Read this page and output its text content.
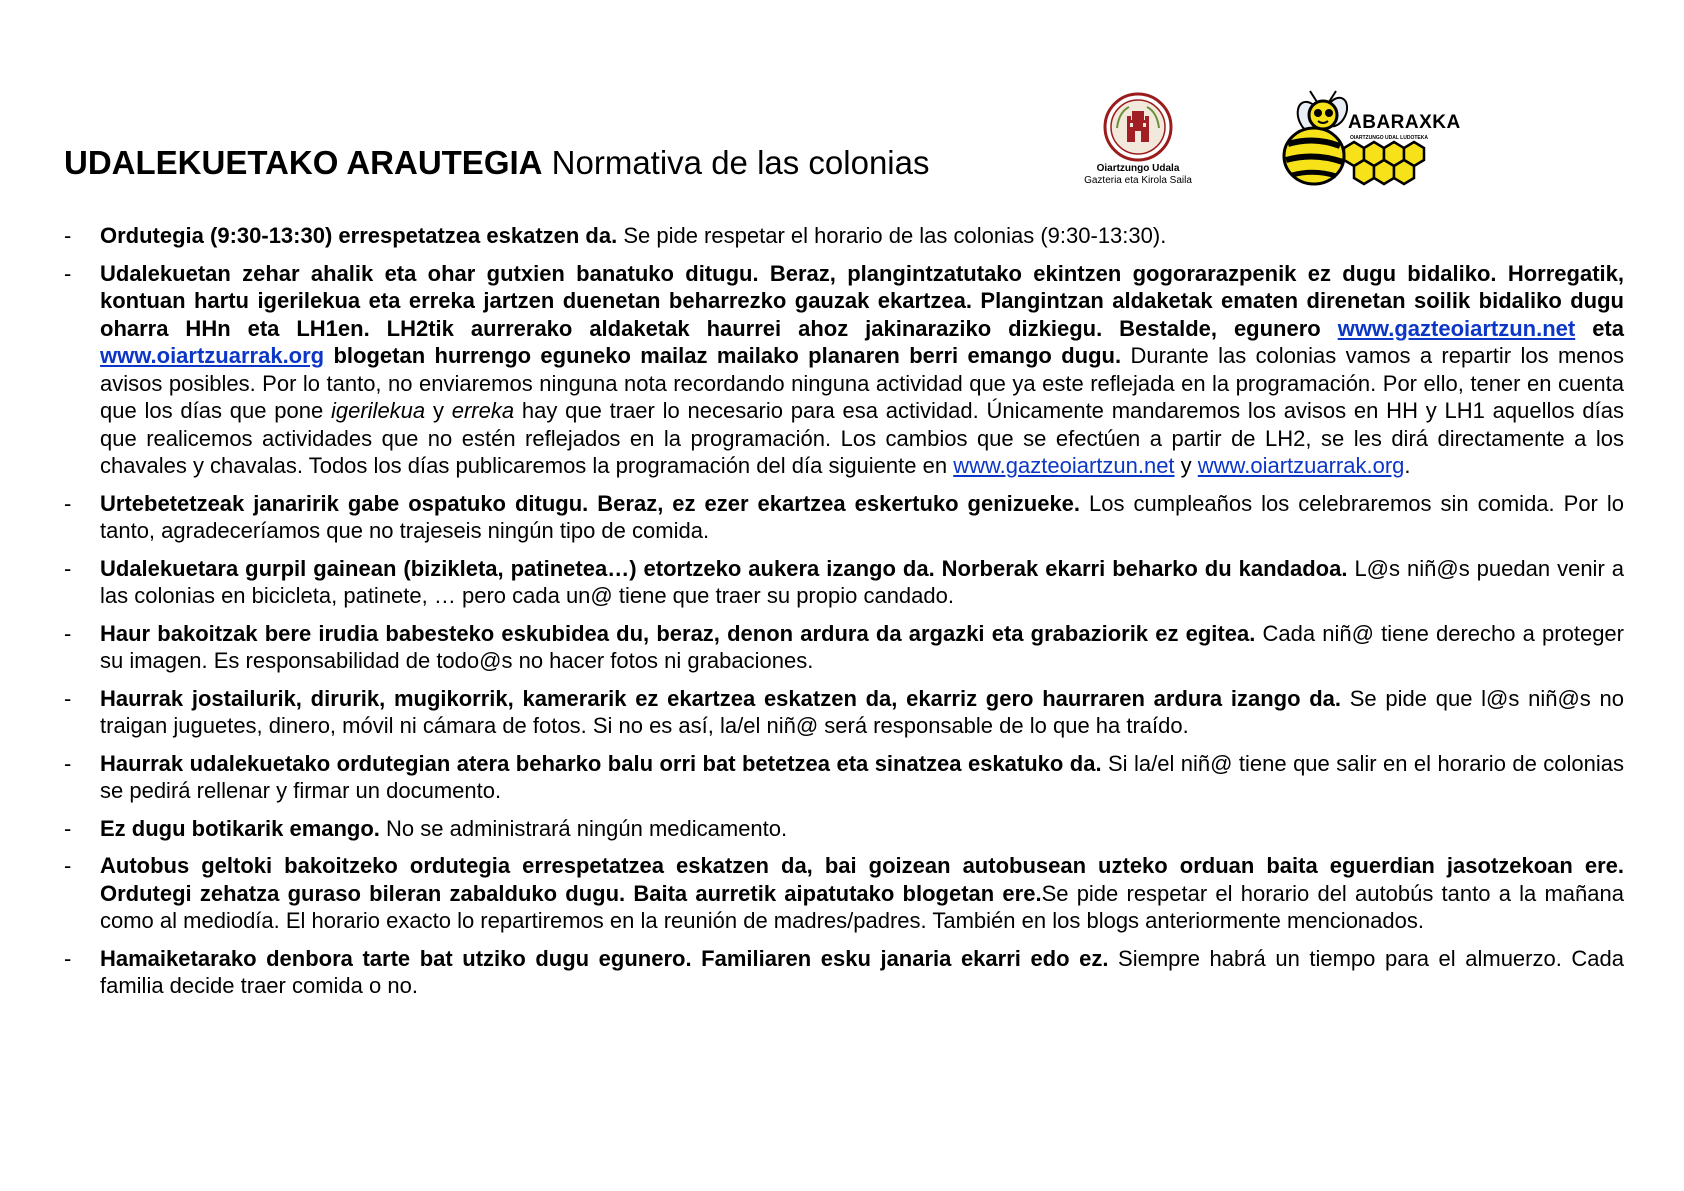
UDALEKUETAKO ARAUTEGIA Normativa de las colonias	Oiartzungo Udala
Gazteria eta Kirola Saila
ABARAXKA
OIARTZUNGO UDAL LUDOTEKA
- Ordutegia (9:30-13:30) errespetatzea eskatzen da. Se pide respetar el horario de las colonias (9:30-13:30).
- Udalekuetan zehar ahalik eta ohar gutxien banatuko ditugu. Beraz, plangintzatutako ekintzen gogorarazpenik ez dugu bidaliko. Horregatik, kontuan hartu igerilekua eta erreka jartzen duenetan beharrezko gauzak ekartzea. Plangintzan aldaketak ematen direnetan soilik bidaliko dugu oharra HHn eta LH1en. LH2tik aurrerako aldaketak haurrei ahoz jakinaraziko dizkiegu. Bestalde, egunero www.gazteoiartzun.net eta www.oiartzuarrak.org blogetan hurrengo eguneko mailaz mailako planaren berri emango dugu. Durante las colonias vamos a repartir los menos avisos posibles. Por lo tanto, no enviaremos ninguna nota recordando ninguna actividad que ya este reflejada en la programación. Por ello, tener en cuenta que los días que pone igerilekua y erreka hay que traer lo necesario para esa actividad. Únicamente mandaremos los avisos en HH y LH1 aquellos días que realicemos actividades que no estén reflejados en la programación. Los cambios que se efectúen a partir de LH2, se les dirá directamente a los chavales y chavalas. Todos los días publicaremos la programación del día siguiente en www.gazteoiartzun.net y www.oiartzuarrak.org.
- Urtebetetzeak janaririk gabe ospatuko ditugu. Beraz, ez ezer ekartzea eskertuko genizueke. Los cumpleaños los celebraremos sin comida. Por lo tanto, agradeceríamos que no trajeseis ningún tipo de comida.
- Udalekuetara gurpil gainean (bizikleta, patinetea…) etortzeko aukera izango da. Norberak ekarri beharko du kandadoa. L@s niñ@s puedan venir a las colonias en bicicleta, patinete, … pero cada un@ tiene que traer su propio candado.
- Haur bakoitzak bere irudia babesteko eskubidea du, beraz, denon ardura da argazki eta grabaziorik ez egitea. Cada niñ@ tiene derecho a proteger su imagen. Es responsabilidad de todo@s no hacer fotos ni grabaciones.
- Haurrak jostailurik, dirurik, mugikorrik, kamerarik ez ekartzea eskatzen da, ekarriz gero haurraren ardura izango da. Se pide que l@s niñ@s no traigan juguetes, dinero, móvil ni cámara de fotos. Si no es así, la/el niñ@ será responsable de lo que ha traído.
- Haurrak udalekuetako ordutegian atera beharko balu orri bat betetzea eta sinatzea eskatuko da. Si la/el niñ@ tiene que salir en el horario de colonias se pedirá rellenar y firmar un documento.
- Ez dugu botikarik emango. No se administrará ningún medicamento.
- Autobus geltoki bakoitzeko ordutegia errespetatzea eskatzen da, bai goizean autobusean uzteko orduan baita eguerdian jasotzekoan ere. Ordutegi zehatza guraso bileran zabalduko dugu. Baita aurretik aipatutako blogetan ere.Se pide respetar el horario del autobús tanto a la mañana como al mediodía. El horario exacto lo repartiremos en la reunión de madres/padres. También en los blogs anteriormente mencionados.
- Hamaiketarako denbora tarte bat utziko dugu egunero. Familiaren esku janaria ekarri edo ez. Siempre habrá un tiempo para el almuerzo. Cada familia decide traer comida o no.
